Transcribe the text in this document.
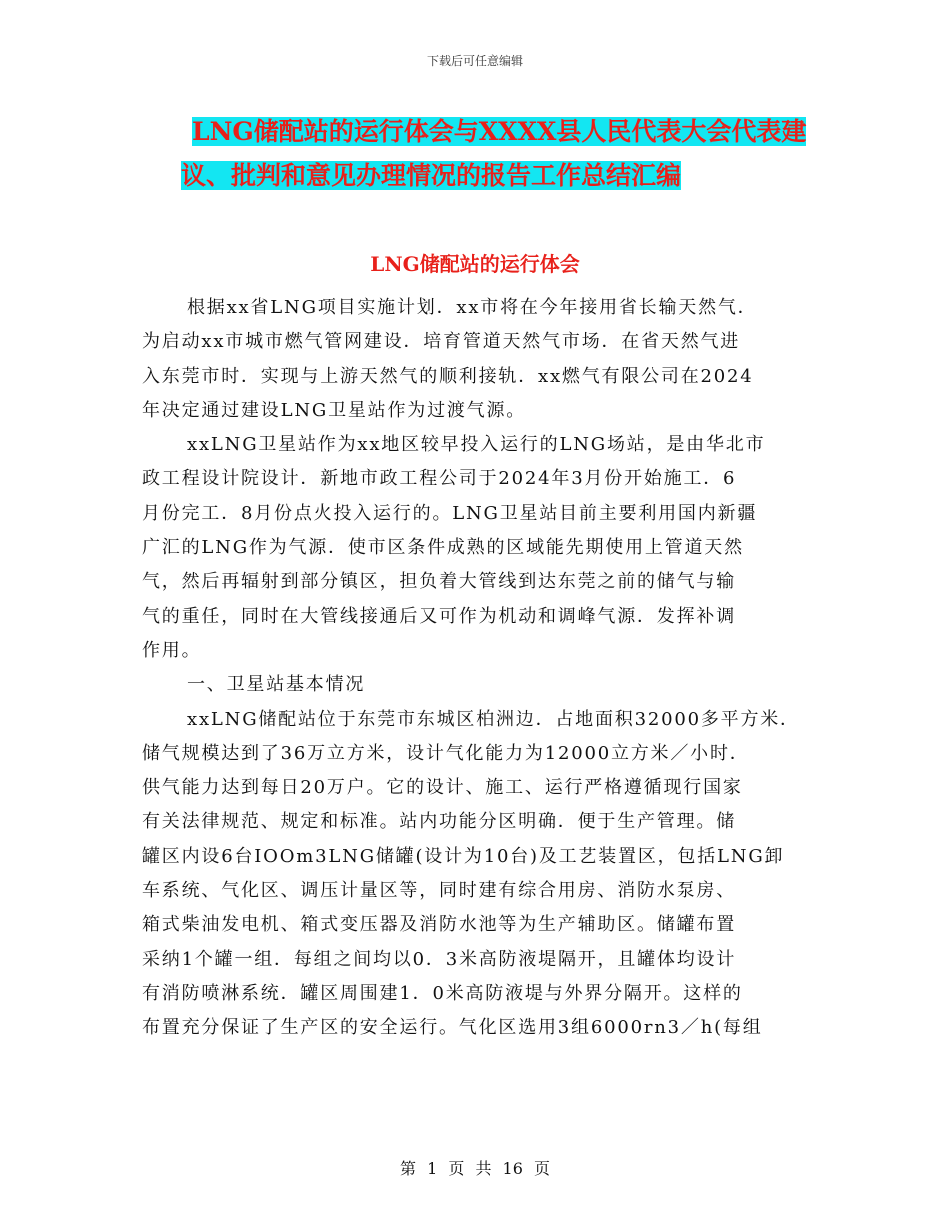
下载后可任意编辑
LNG储配站的运行体会与XXXX县人民代表大会代表建
议、批判和意见办理情况的报告工作总结汇编
LNG储配站的运行体会
根据xx省LNG项目实施计划．xx市将在今年接用省长输天然气．
为启动xx市城市燃气管网建设．培育管道天然气市场．在省天然气进
入东莞市时．实现与上游天然气的顺利接轨．xx燃气有限公司在2024
年决定通过建设LNG卫星站作为过渡气源。
xxLNG卫星站作为xx地区较早投入运行的LNG场站，是由华北市
政工程设计院设计．新地市政工程公司于2024年3月份开始施工．6
月份完工．8月份点火投入运行的。LNG卫星站目前主要利用国内新疆
广汇的LNG作为气源．使市区条件成熟的区域能先期使用上管道天然
气，然后再辐射到部分镇区，担负着大管线到达东莞之前的储气与输
气的重任，同时在大管线接通后又可作为机动和调峰气源．发挥补调
作用。
一、卫星站基本情况
xxLNG储配站位于东莞市东城区柏洲边．占地面积32000多平方米．
储气规模达到了36万立方米，设计气化能力为12000立方米／小时．
供气能力达到每日20万户。它的设计、施工、运行严格遵循现行国家
有关法律规范、规定和标准。站内功能分区明确．便于生产管理。储
罐区内设6台IOOm3LNG储罐(设计为10台)及工艺装置区，包括LNG卸
车系统、气化区、调压计量区等，同时建有综合用房、消防水泵房、
箱式柴油发电机、箱式变压器及消防水池等为生产辅助区。储罐布置
采纳1个罐一组．每组之间均以0．3米高防液堤隔开，且罐体均设计
有消防喷淋系统．罐区周围建1．0米高防液堤与外界分隔开。这样的
布置充分保证了生产区的安全运行。气化区选用3组6000rn3／h(每组
第 1 页 共 16 页
